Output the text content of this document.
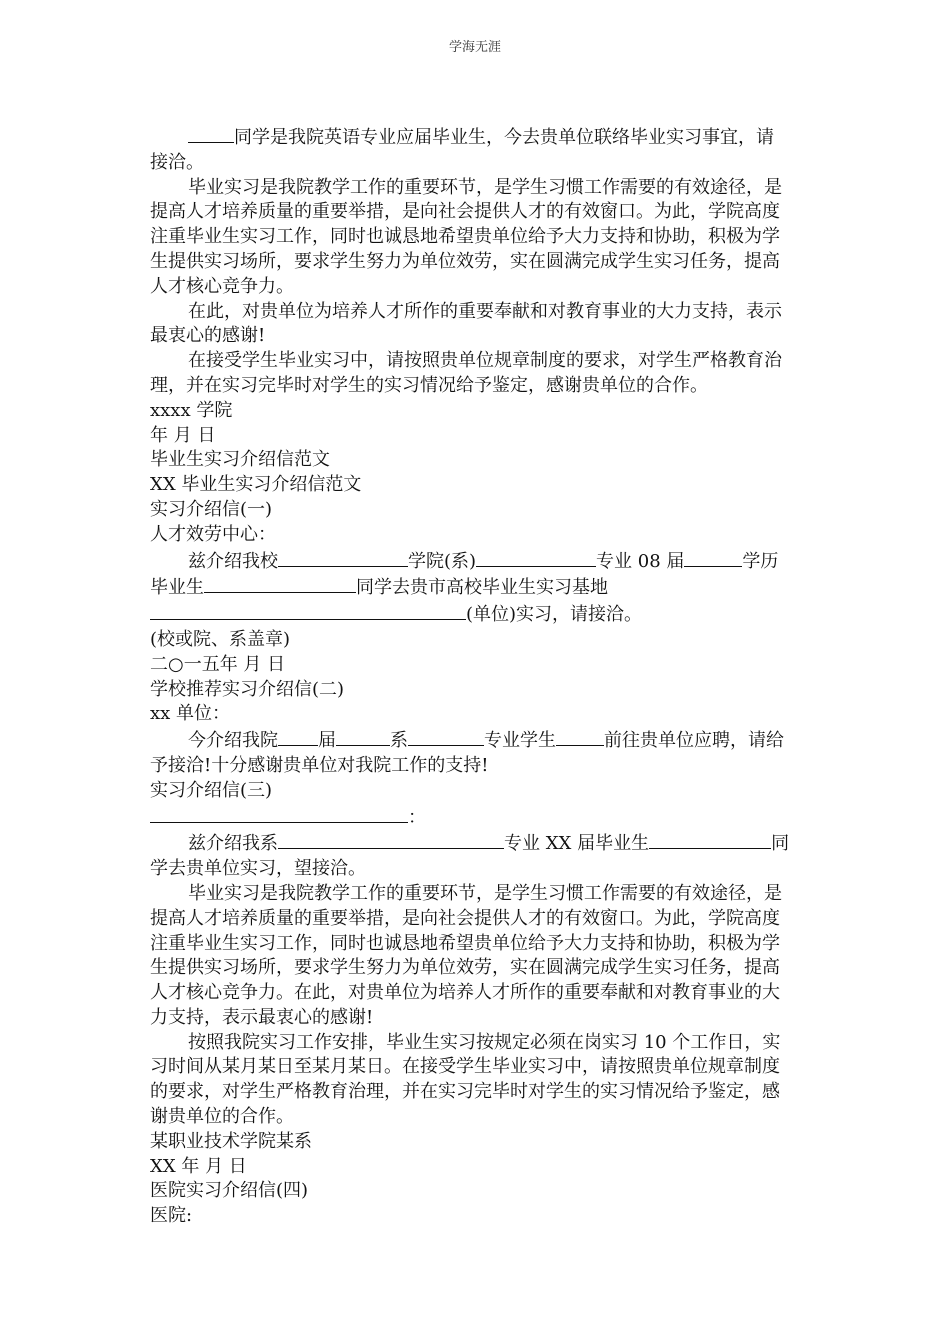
学海无涯

同学是我院英语专业应届毕业生，今去贵单位联络毕业实习事宜，请接洽。

毕业实习是我院教学工作的重要环节，是学生习惯工作需要的有效途径，是提高人才培养质量的重要举措，是向社会提供人才的有效窗口。为此，学院高度注重毕业生实习工作，同时也诚恳地希望贵单位给予大力支持和协助，积极为学生提供实习场所，要求学生努力为单位效劳，实在圆满完成学生实习任务，提高人才核心竞争力。

在此，对贵单位为培养人才所作的重要奉献和对教育事业的大力支持，表示最衷心的感谢!

在接受学生毕业实习中，请按照贵单位规章制度的要求，对学生严格教育治理，并在实习完毕时对学生的实习情况给予鉴定，感谢贵单位的合作。

xxxx 学院

年 月 日

毕业生实习介绍信范文

XX 毕业生实习介绍信范文

实习介绍信(一)

人才效劳中心：

兹介绍我校	学院(系)	专业 08 届	学历毕业生	同学去贵市高校毕业生实习基地(单位)实习，请接洽。

(校或院、系盖章)

二○一五年 月 日

学校推荐实习介绍信(二)

xx 单位：

今介绍我院 届	系	专业学生	前往贵单位应聘，请给予接洽!十分感谢贵单位对我院工作的支持!

实习介绍信(三)

：

兹介绍我系	专业 XX 届毕业生	同学去贵单位实习，望接洽。

毕业实习是我院教学工作的重要环节，是学生习惯工作需要的有效途径，是提高人才培养质量的重要举措，是向社会提供人才的有效窗口。为此，学院高度注重毕业生实习工作，同时也诚恳地希望贵单位给予大力支持和协助，积极为学生提供实习场所，要求学生努力为单位效劳，实在圆满完成学生实习任务，提高人才核心竞争力。在此，对贵单位为培养人才所作的重要奉献和对教育事业的大力支持，表示最衷心的感谢!

按照我院实习工作安排，毕业生实习按规定必须在岗实习 10 个工作日，实习时间从某月某日至某月某日。在接受学生毕业实习中，请按照贵单位规章制度的要求，对学生严格教育治理，并在实习完毕时对学生的实习情况给予鉴定，感谢贵单位的合作。

某职业技术学院某系

XX 年 月 日

医院实习介绍信(四)

医院:
